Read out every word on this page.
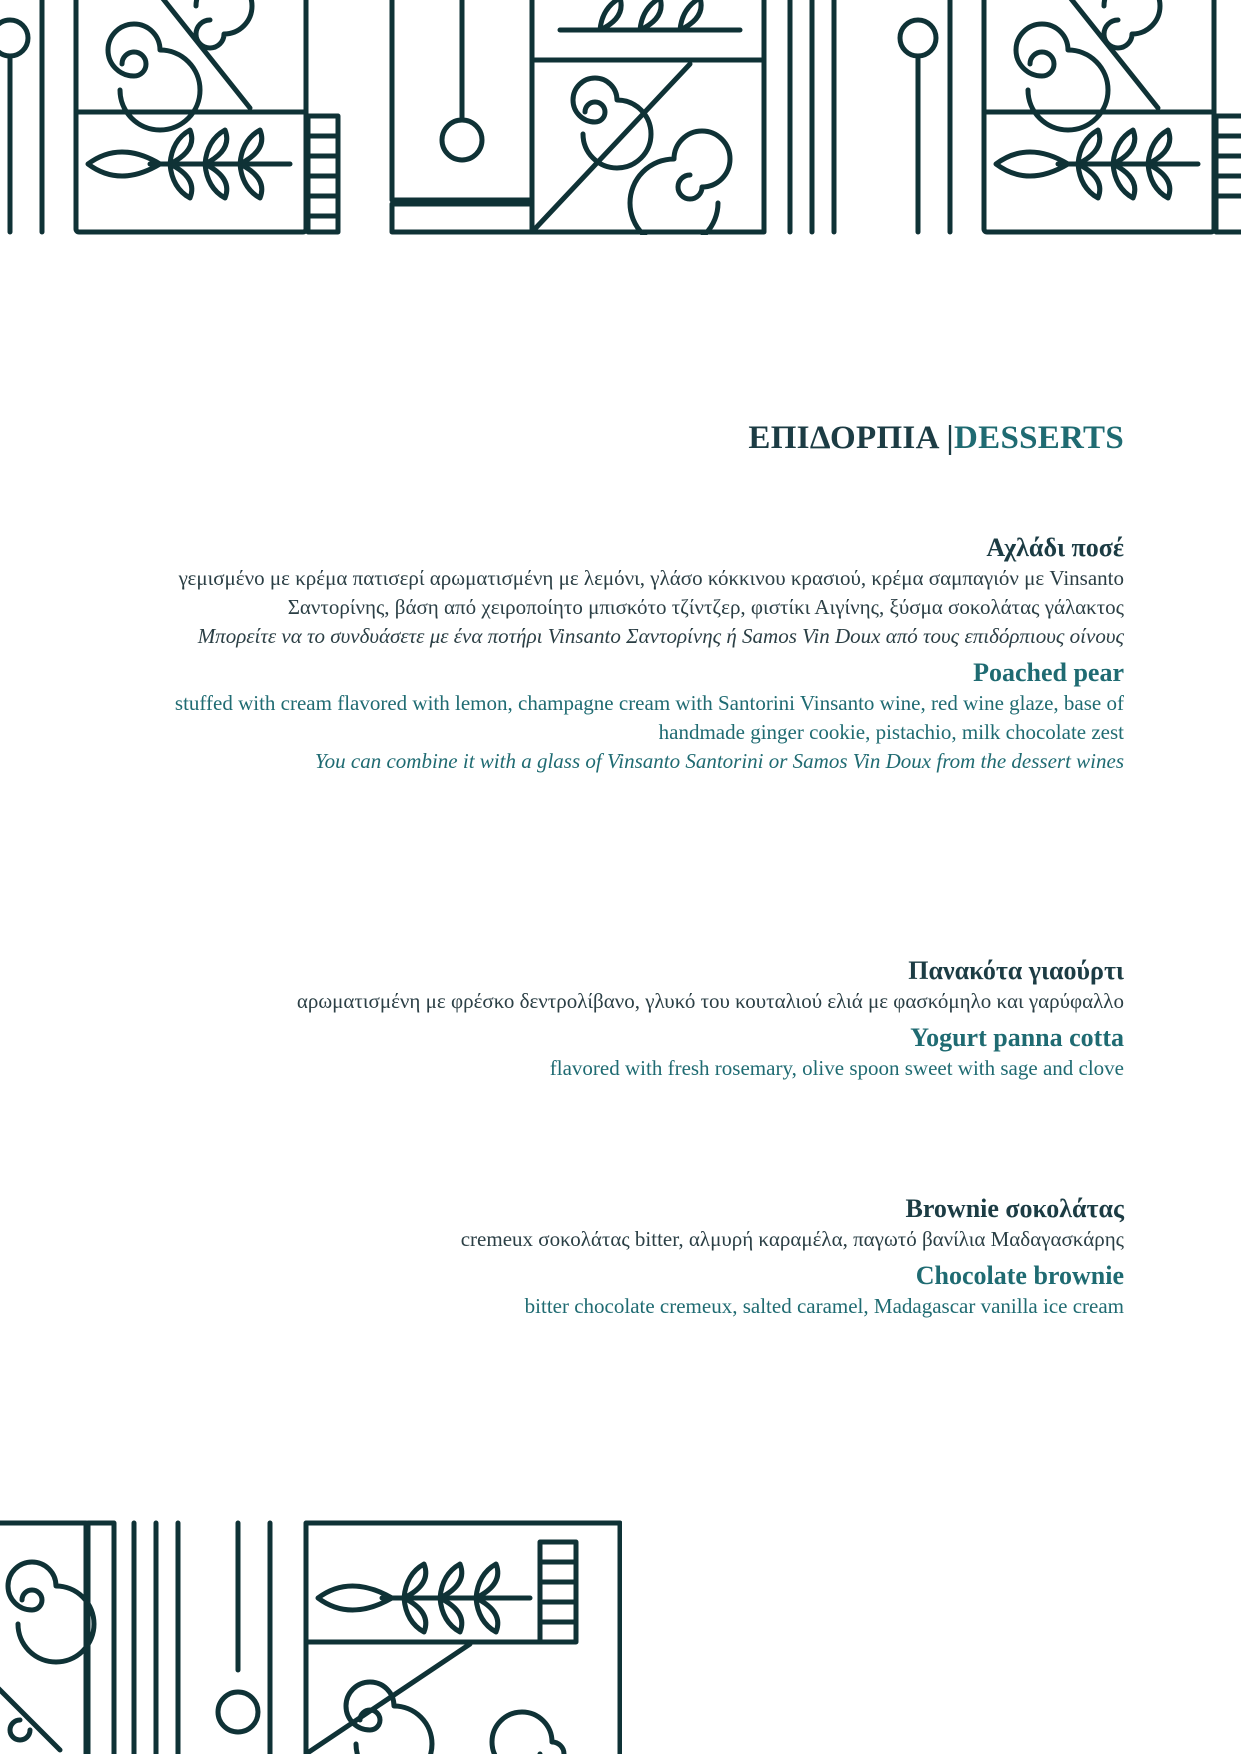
ΕΠΙΔΟΡΠΙΑ |DESSERTS
Αχλάδι ποσέ
γεμισμένο με κρέμα πατισερί αρωματισμένη με λεμόνι, γλάσο κόκκινου κρασιού, κρέμα σαμπαγιόν με Vinsanto Σαντορίνης, βάση από χειροποίητο μπισκότο τζίντζερ, φιστίκι Αιγίνης, ξύσμα σοκολάτας γάλακτος
Μπορείτε να το συνδυάσετε με ένα ποτήρι Vinsanto Σαντορίνης ή Samos Vin Doux από τους επιδόρπιους οίνους
Poached pear
stuffed with cream flavored with lemon, champagne cream with Santorini Vinsanto wine, red wine glaze, base of handmade ginger cookie, pistachio, milk chocolate zest
You can combine it with a glass of Vinsanto Santorini or Samos Vin Doux from the dessert wines
Πανακότα γιαούρτι
αρωματισμένη με φρέσκο δεντρολίβανο, γλυκό του κουταλιού ελιά με φασκόμηλο και γαρύφαλλο
Yogurt panna cotta
flavored with fresh rosemary, olive spoon sweet with sage and clove
Brownie σοκολάτας
cremeux σοκολάτας bitter, αλμυρή καραμέλα, παγωτό βανίλια Μαδαγασκάρης
Chocolate brownie
bitter chocolate cremeux, salted caramel, Madagascar vanilla ice cream
